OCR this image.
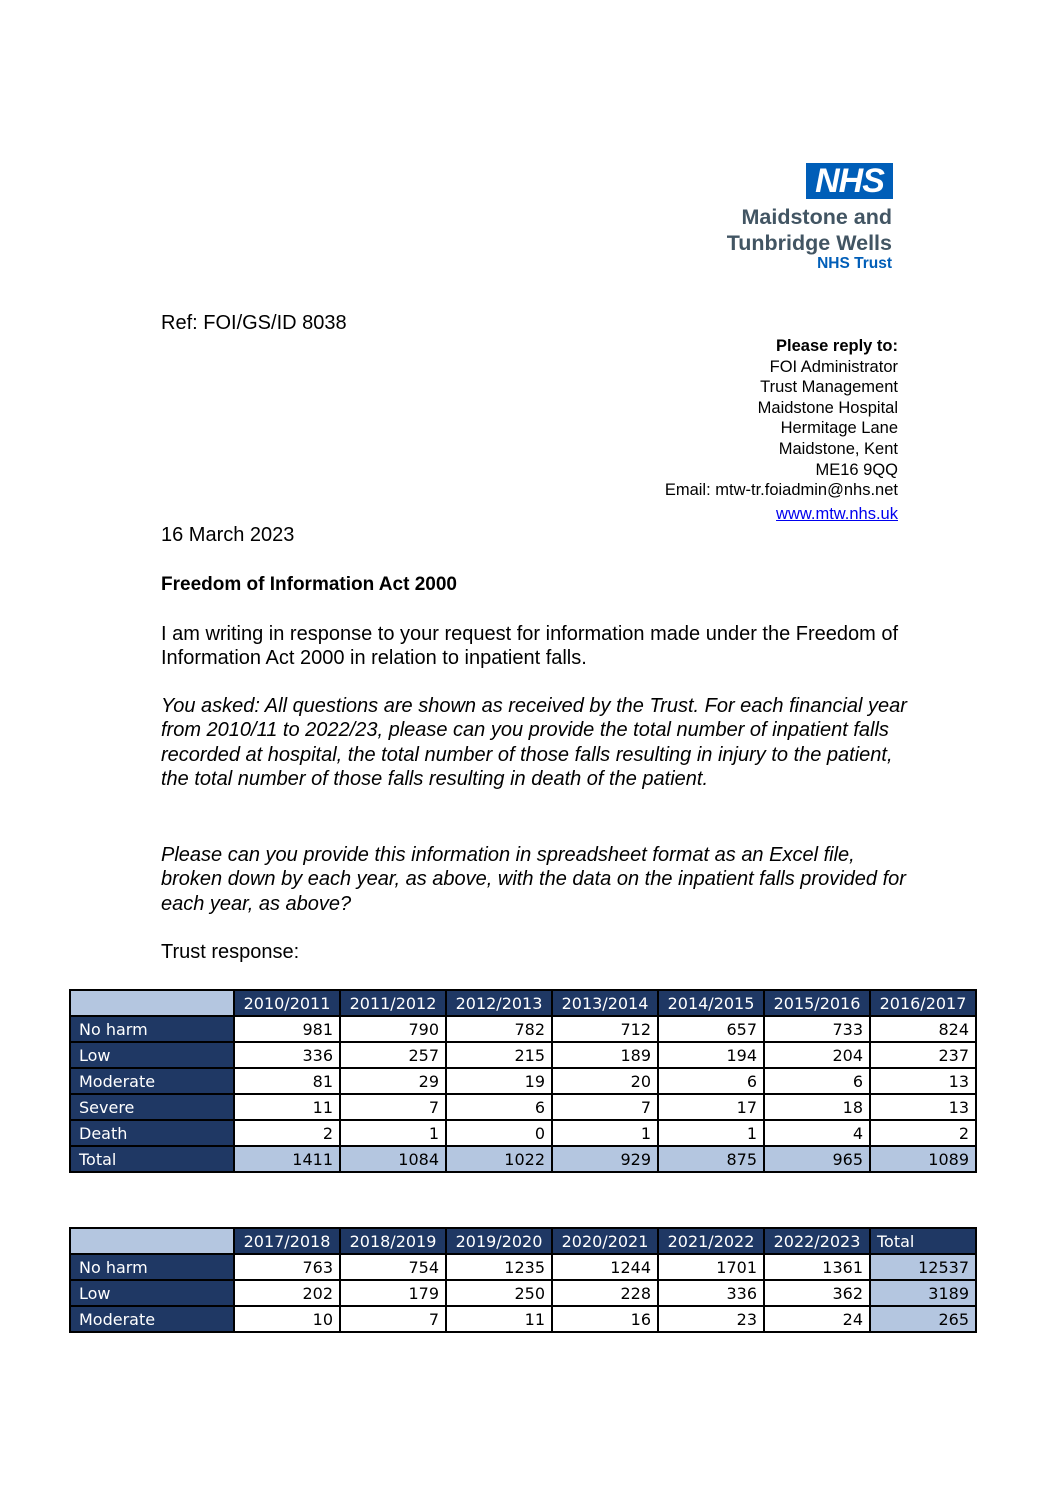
NHS
Maidstone and
Tunbridge Wells
NHS Trust
Ref: FOI/GS/ID 8038
Please reply to:
FOI Administrator
Trust Management
Maidstone Hospital
Hermitage Lane
Maidstone, Kent
ME16 9QQ
Email: mtw-tr.foiadmin@nhs.net
www.mtw.nhs.uk
16 March 2023
Freedom of Information Act 2000

I am writing in response to your request for information made under the Freedom of Information Act 2000 in relation to inpatient falls.

You asked: All questions are shown as received by the Trust. For each financial year from 2010/11 to 2022/23, please can you provide the total number of inpatient falls recorded at hospital, the total number of those falls resulting in injury to the patient, the total number of those falls resulting in death of the patient.

Please can you provide this information in spreadsheet format as an Excel file, broken down by each year, as above, with the data on the inpatient falls provided for each year, as above?

Trust response:

	2010/2011	2011/2012	2012/2013	2013/2014	2014/2015	2015/2016	2016/2017
No harm	981	790	782	712	657	733	824
Low	336	257	215	189	194	204	237
Moderate	81	29	19	20	6	6	13
Severe	11	7	6	7	17	18	13
Death	2	1	0	1	1	4	2
Total	1411	1084	1022	929	875	965	1089
	2017/2018	2018/2019	2019/2020	2020/2021	2021/2022	2022/2023	Total
No harm	763	754	1235	1244	1701	1361	12537
Low	202	179	250	228	336	362	3189
Moderate	10	7	11	16	23	24	265
